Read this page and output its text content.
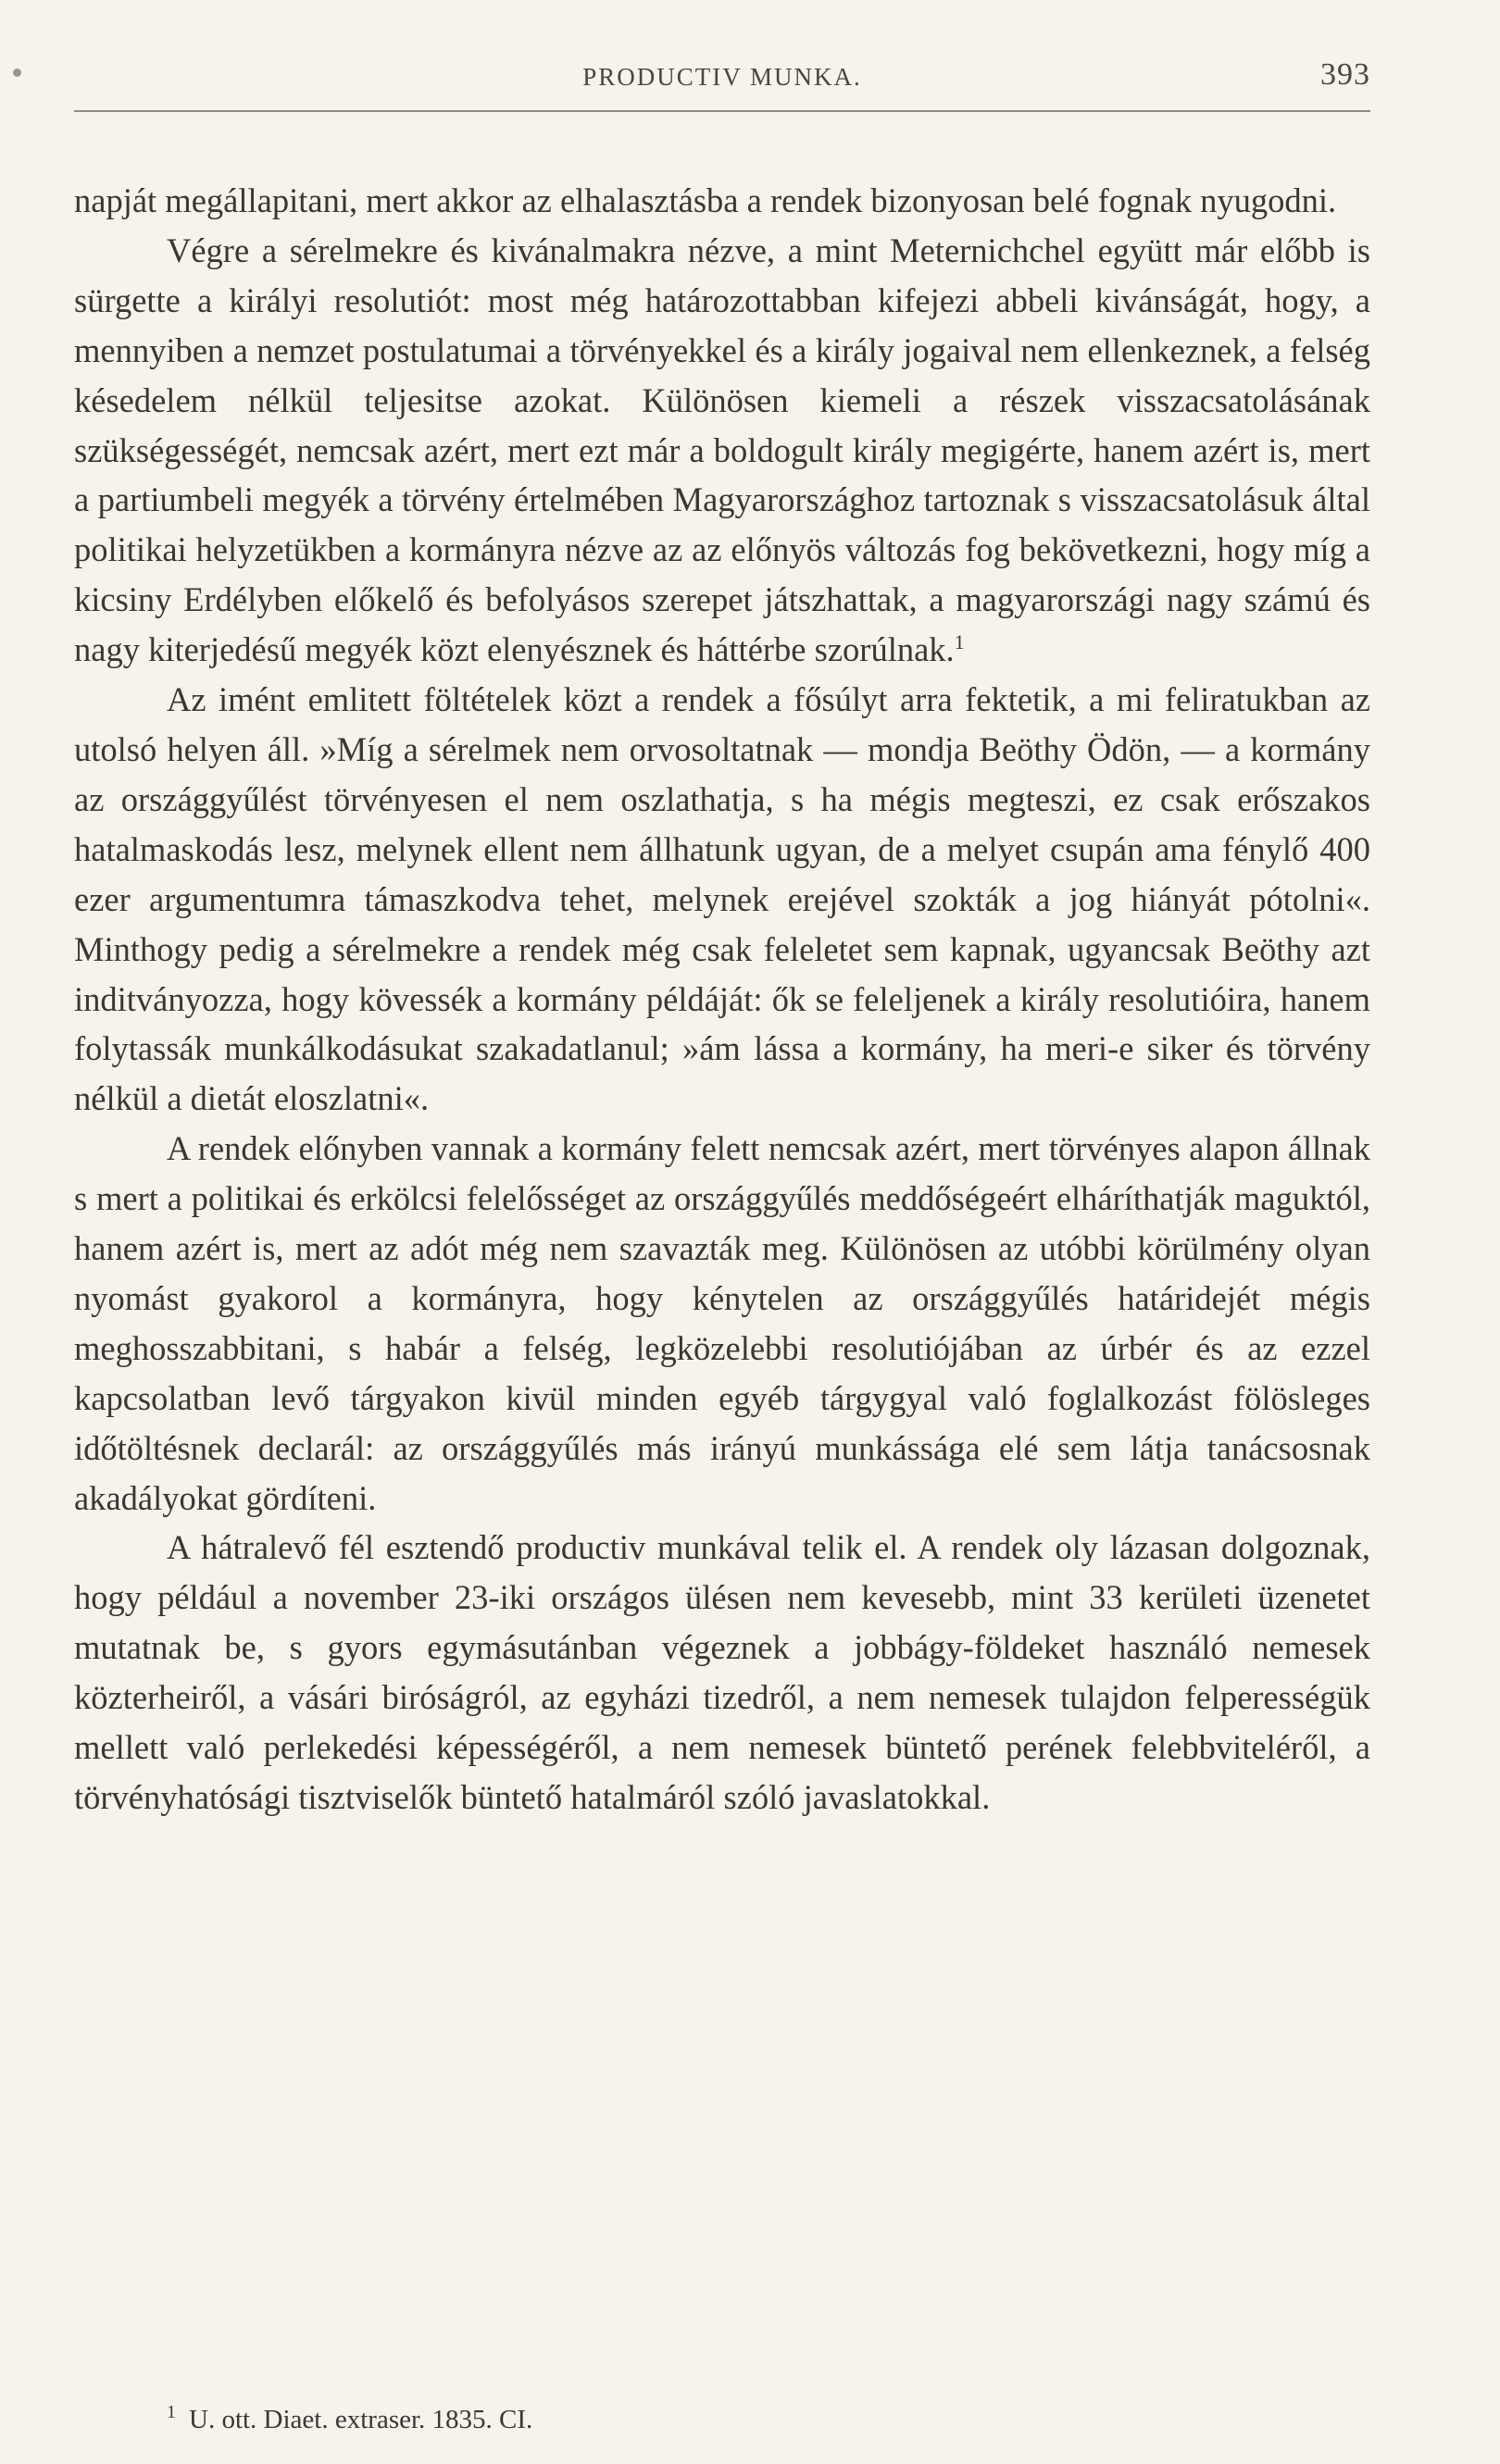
PRODUCTIV MUNKA.	393

napját megállapitani, mert akkor az elhalasztásba a rendek bizonyosan belé fognak nyugodni.

Végre a sérelmekre és kivánalmakra nézve, a mint Meternichchel együtt már előbb is sürgette a királyi resolutiót: most még határozottabban kifejezi abbeli kivánságát, hogy, a mennyiben a nemzet postulatumai a törvényekkel és a király jogaival nem ellenkeznek, a felség késedelem nélkül teljesitse azokat. Különösen kiemeli a részek visszacsatolásának szükségességét, nemcsak azért, mert ezt már a boldogult király megigérte, hanem azért is, mert a partiumbeli megyék a törvény értelmében Magyarországhoz tartoznak s visszacsatolásuk által politikai helyzetükben a kormányra nézve az az előnyös változás fog bekövetkezni, hogy míg a kicsiny Erdélyben előkelő és befolyásos szerepet játszhattak, a magyarországi nagy számú és nagy kiterjedésű megyék közt elenyésznek és háttérbe szorúlnak.$^1$

Az imént emlitett föltételek közt a rendek a fősúlyt arra fektetik, a mi feliratukban az utolsó helyen áll. »Míg a sérelmek nem orvosoltatnak — mondja Beöthy Ödön, — a kormány az országgyűlést törvényesen el nem oszlathatja, s ha mégis megteszi, ez csak erőszakos hatalmaskodás lesz, melynek ellent nem állhatunk ugyan, de a melyet csupán ama fénylő 400 ezer argumentumra támaszkodva tehet, melynek erejével szokták a jog hiányát pótolni«. Minthogy pedig a sérelmekre a rendek még csak feleletet sem kapnak, ugyancsak Beöthy azt inditványozza, hogy kövessék a kormány példáját: ők se feleljenek a király resolutióira, hanem folytassák munkálkodásukat szakadatlanul; »ám lássa a kormány, ha meri-e siker és törvény nélkül a dietát eloszlatni«.

A rendek előnyben vannak a kormány felett nemcsak azért, mert törvényes alapon állnak s mert a politikai és erkölcsi felelősséget az országgyűlés meddőségeért elháríthatják maguktól, hanem azért is, mert az adót még nem szavazták meg. Különösen az utóbbi körülmény olyan nyomást gyakorol a kormányra, hogy kénytelen az országgyűlés határidejét mégis meghosszabbitani, s habár a felség, legközelebbi resolutiójában az úrbér és az ezzel kapcsolatban levő tárgyakon kivül minden egyéb tárgygyal való foglalkozást fölösleges időtöltésnek declarál: az országgyűlés más irányú munkássága elé sem látja tanácsosnak akadályokat gördíteni.

A hátralevő fél esztendő productiv munkával telik el. A rendek oly lázasan dolgoznak, hogy például a november 23-iki országos ülésen nem kevesebb, mint 33 kerületi üzenetet mutatnak be, s gyors egymásutánban végeznek a jobbágy-földeket használó nemesek közterheiről, a vásári biróságról, az egyházi tizedről, a nem nemesek tulajdon felperességük mellett való perlekedési képességéről, a nem nemesek büntető perének felebbviteléről, a törvényhatósági tisztviselők büntető hatalmáról szóló javaslatokkal.

$^1$ U. ott. Diaet. extraser. 1835. CI.
